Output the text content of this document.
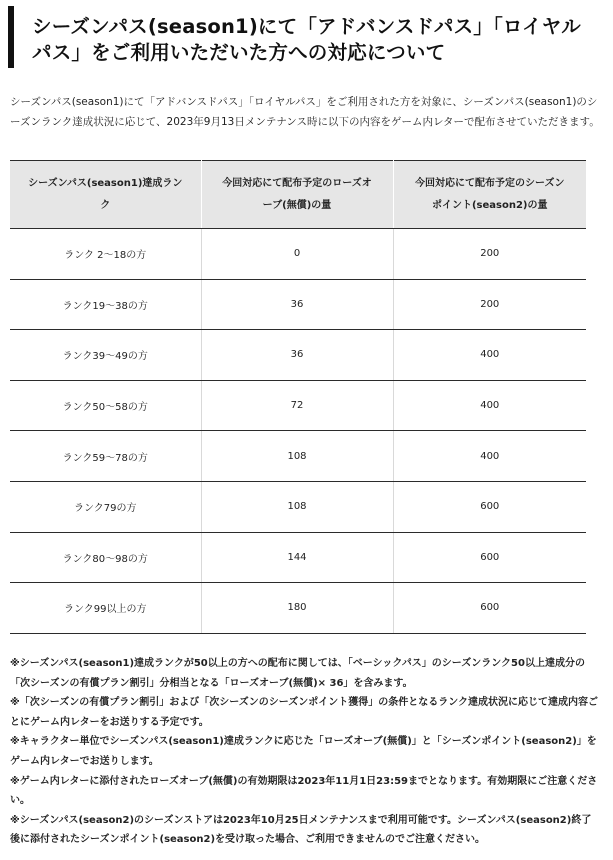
シーズンパス(season1)にて「アドバンスドパス」「ロイヤルパス」をご利用いただいた方への対応について

シーズンパス(season1)にて「アドバンスドパス」「ロイヤルパス」をご利用された方を対象に、シーズンパス(season1)のシーズンランク達成状況に応じて、2023年9月13日メンテナンス時に以下の内容をゲーム内レターで配布させていただきます。

シーズンパス(season1)達成ランク	今回対応にて配布予定のローズオーブ(無償)の量	今回対応にて配布予定のシーズンポイント(season2)の量
ランク 2〜18の方	0	200
ランク19〜38の方	36	200
ランク39〜49の方	36	400
ランク50〜58の方	72	400
ランク59〜78の方	108	400
ランク79の方	108	600
ランク80〜98の方	144	600
ランク99以上の方	180	600

※シーズンパス(season1)達成ランクが50以上の方への配布に関しては、「ベーシックパス」のシーズンランク50以上達成分の「次シーズンの有償プラン割引」分相当となる「ローズオーブ(無償)× 36」を含みます。

※「次シーズンの有償プラン割引」および「次シーズンのシーズンポイント獲得」の条件となるランク達成状況に応じて達成内容ごとにゲーム内レターをお送りする予定です。

※キャラクター単位でシーズンパス(season1)達成ランクに応じた「ローズオーブ(無償)」と「シーズンポイント(season2)」をゲーム内レターでお送りします。

※ゲーム内レターに添付されたローズオーブ(無償)の有効期限は2023年11月1日23:59までとなります。有効期限にご注意ください。

※シーズンパス(season2)のシーズンストアは2023年10月25日メンテナンスまで利用可能です。シーズンパス(season2)終了後に添付されたシーズンポイント(season2)を受け取った場合、ご利用できませんのでご注意ください。
